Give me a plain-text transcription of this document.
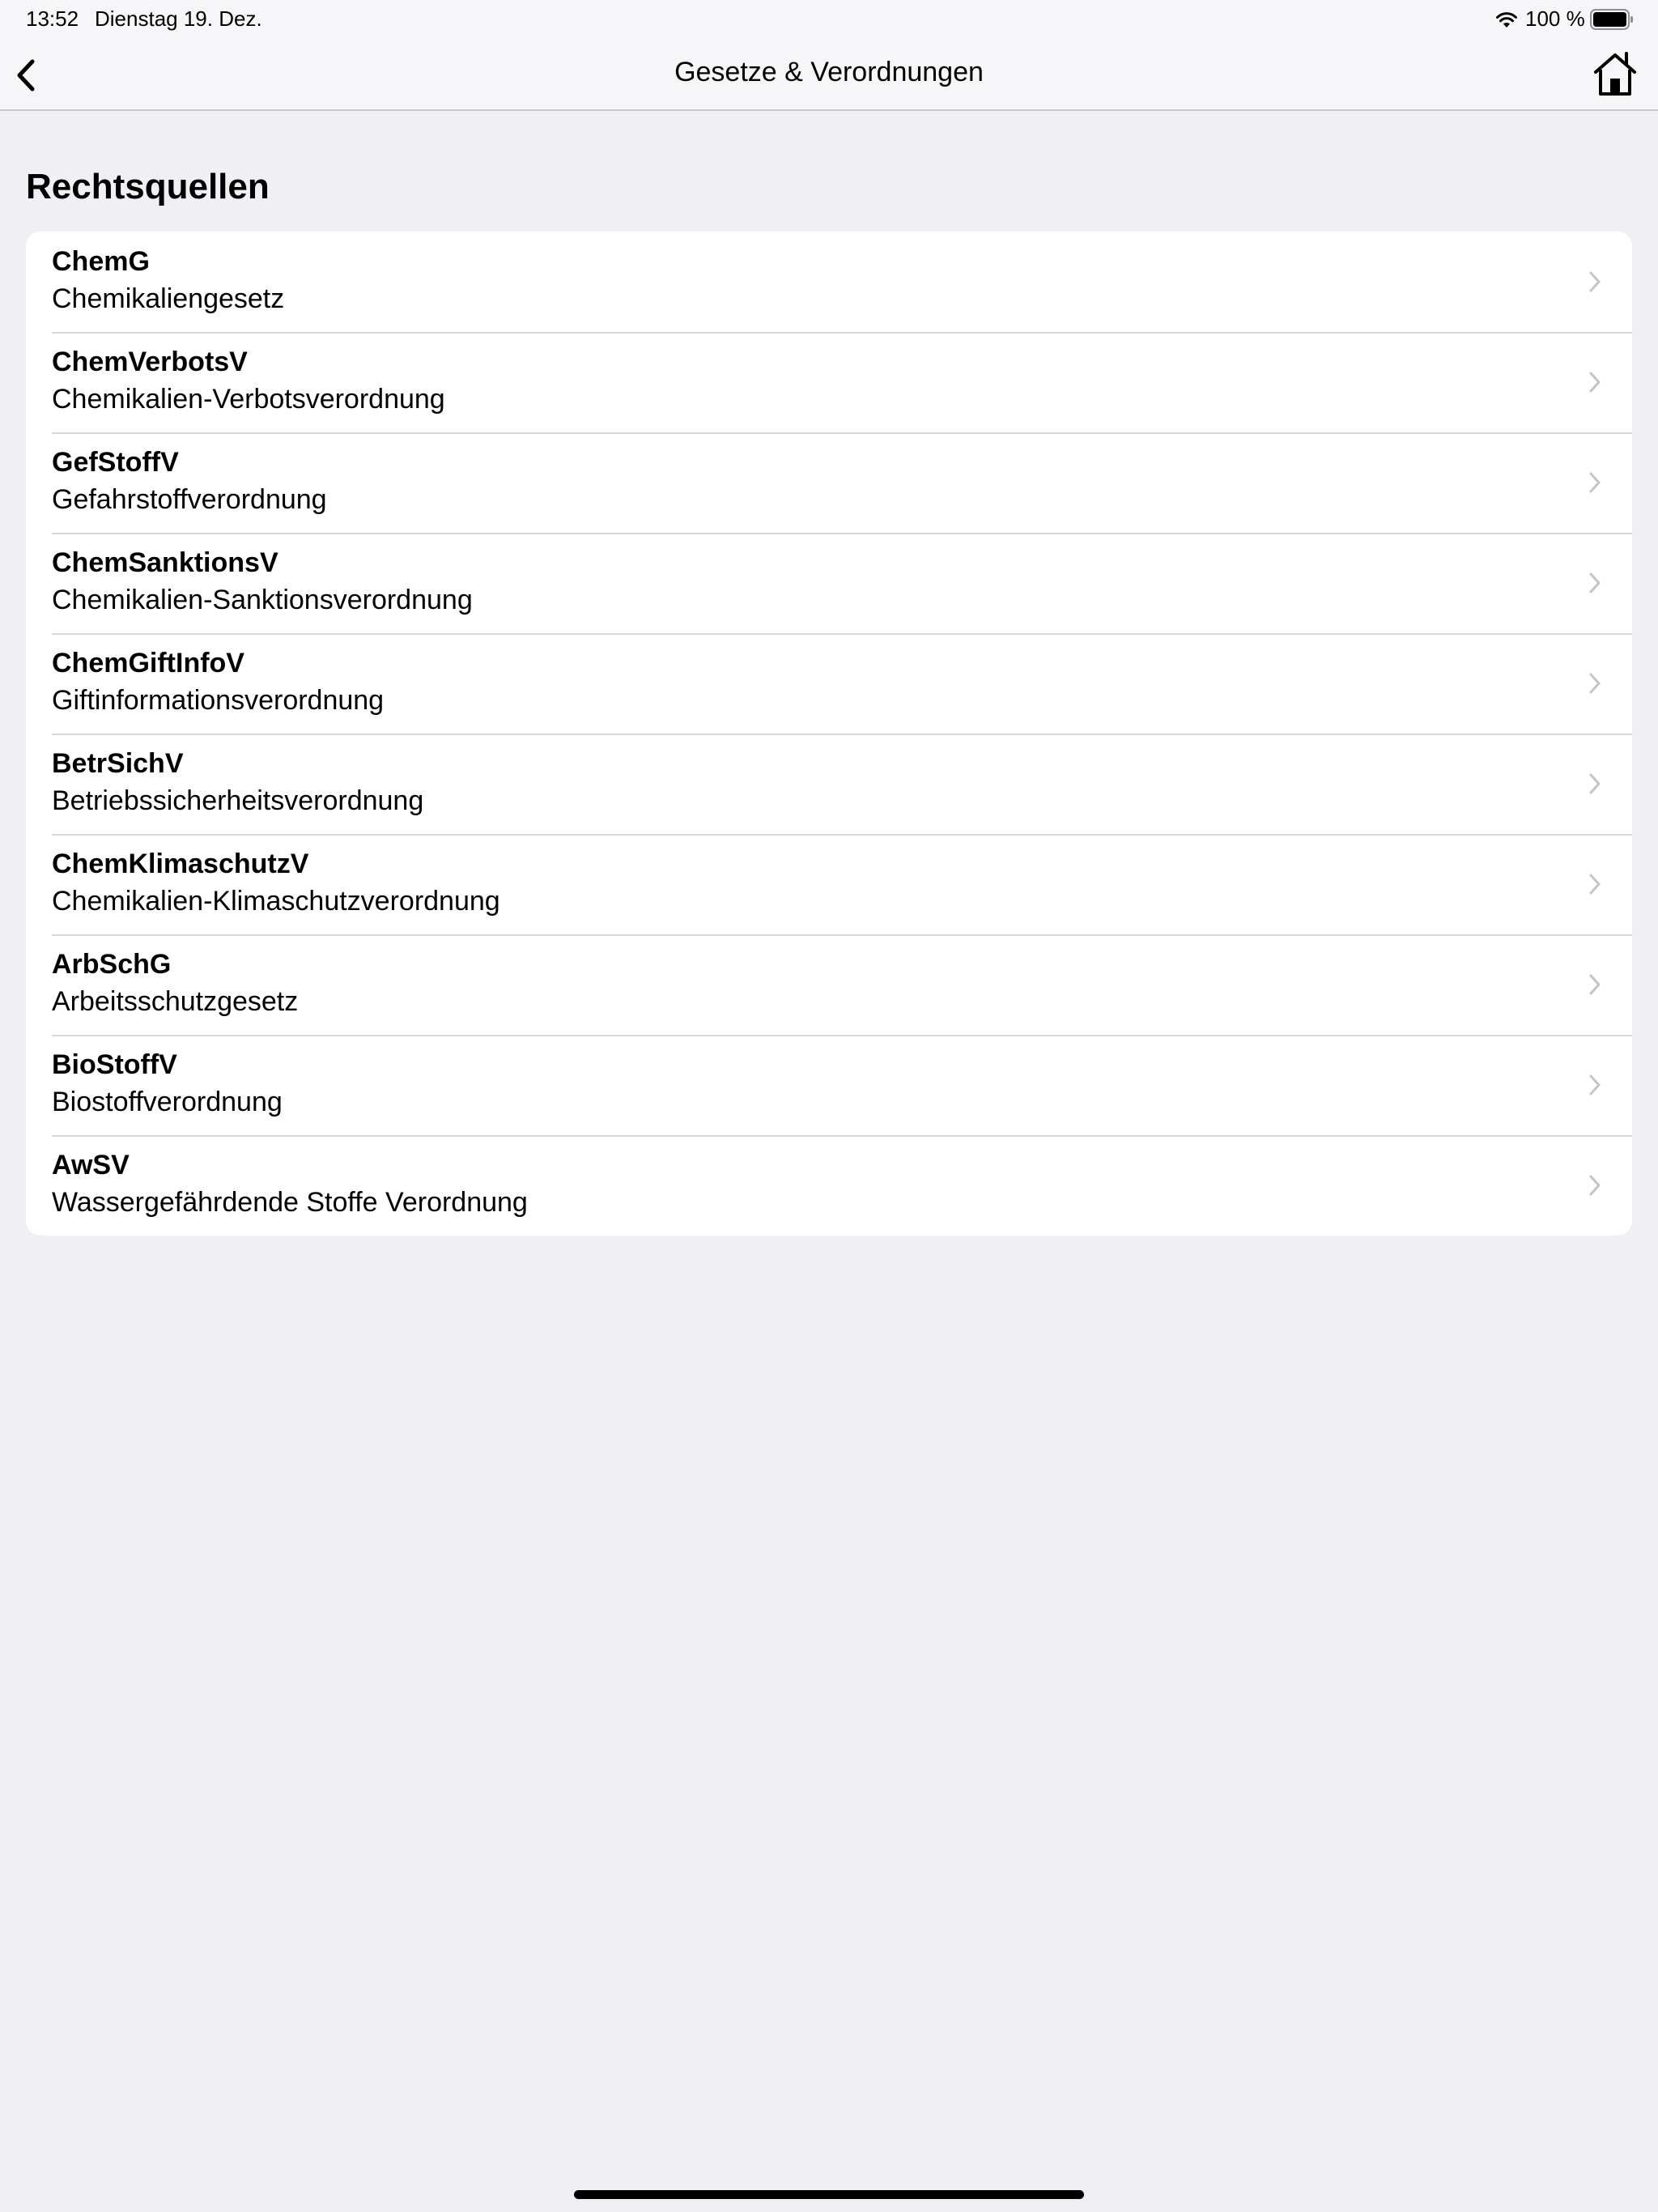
13:52 Dienstag 19. Dez.	100 %
Gesetze & Verordnungen
Rechtsquellen
ChemG
Chemikaliengesetz
ChemVerbotsV
Chemikalien-Verbotsverordnung
GefStoffV
Gefahrstoffverordnung
ChemSanktionsV
Chemikalien-Sanktionsverordnung
ChemGiftInfoV
Giftinformationsverordnung
BetrSichV
Betriebssicherheitsverordnung
ChemKlimaschutzV
Chemikalien-Klimaschutzverordnung
ArbSchG
Arbeitsschutzgesetz
BioStoffV
Biostoffverordnung
AwSV
Wassergefährdende Stoffe Verordnung
